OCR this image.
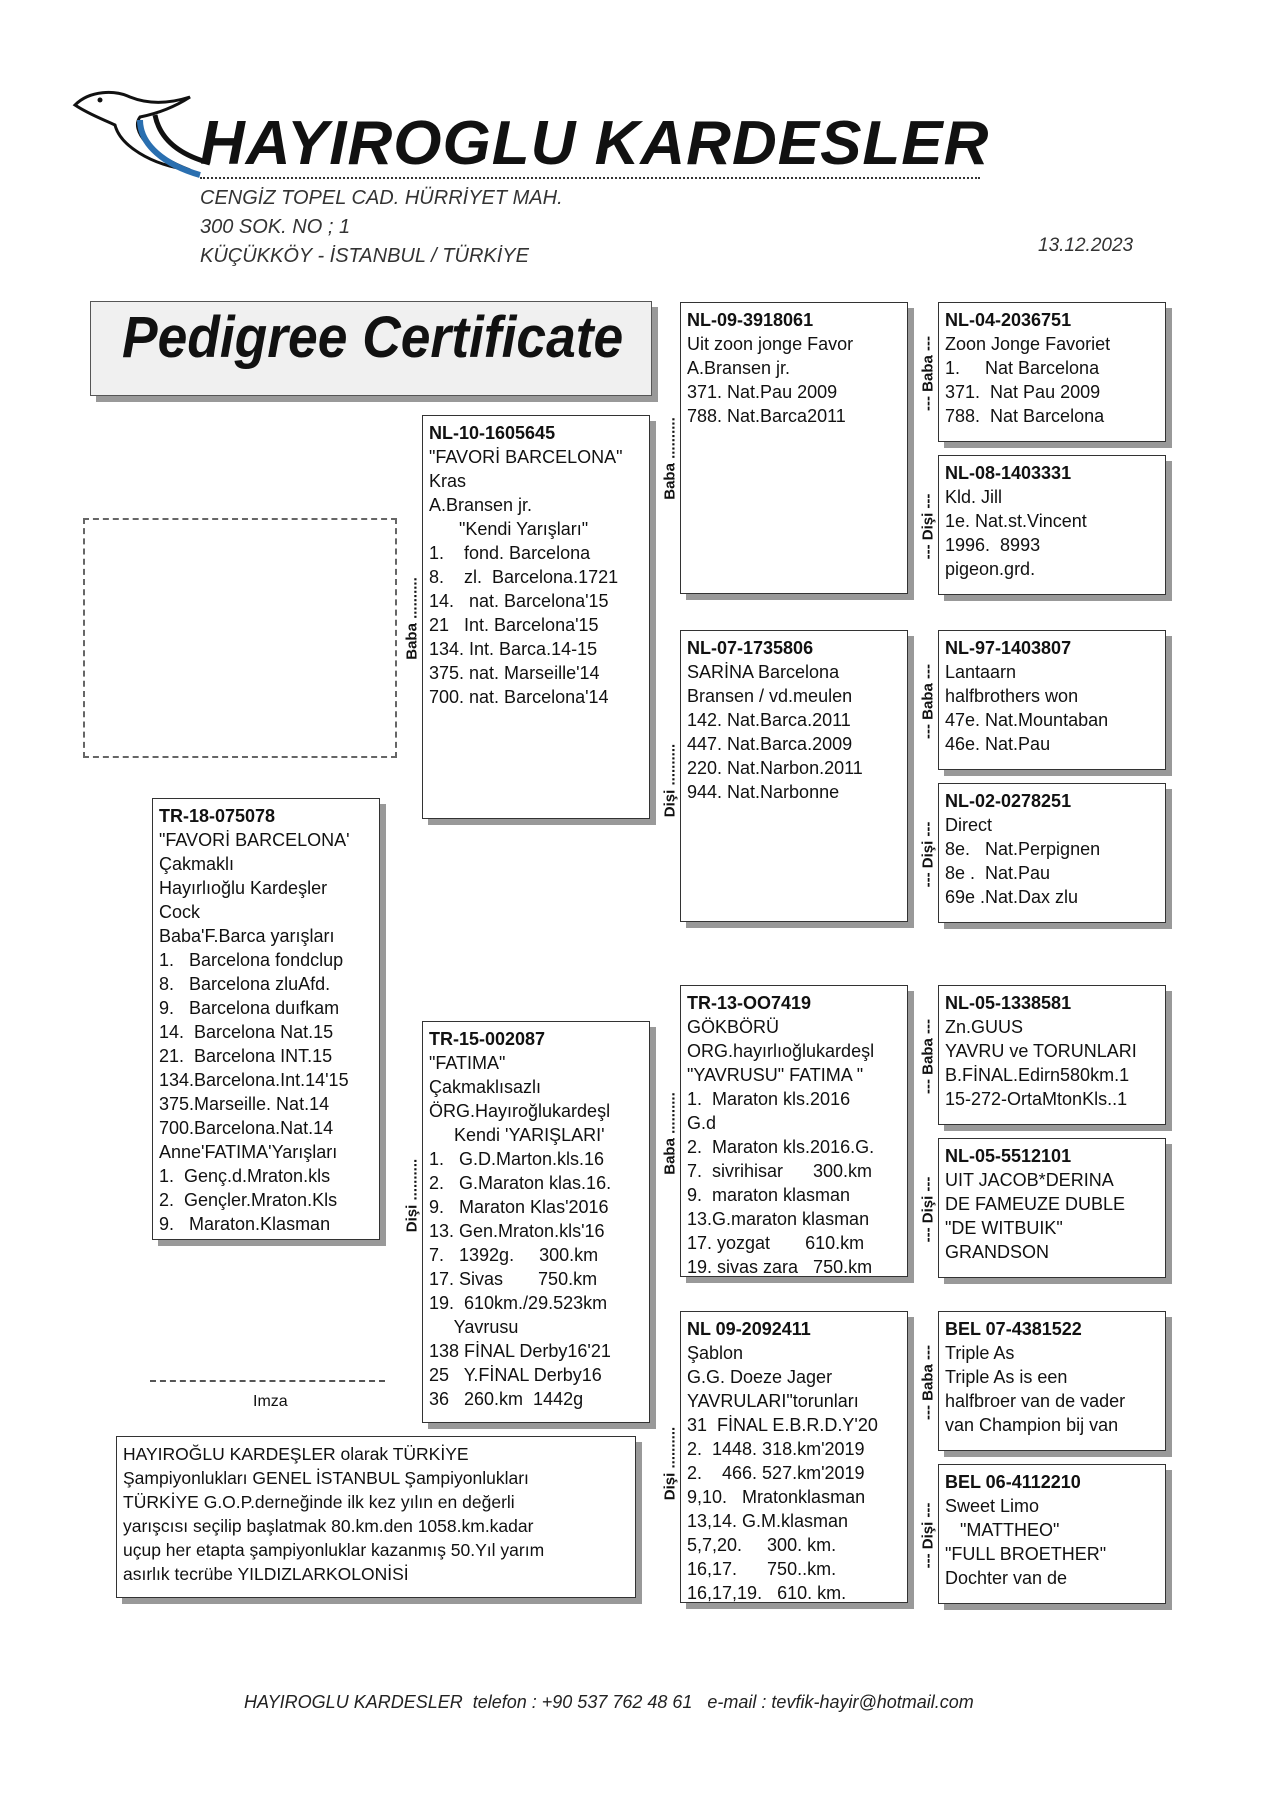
HAYIROGLU KARDESLER
CENGİZ TOPEL CAD. HÜRRİYET MAH.
300 SOK. NO ; 1
KÜÇÜKKÖY - İSTANBUL / TÜRKİYE	13.12.2023
Pedigree Certificate
TR-18-075078
"FAVORİ BARCELONA'
Çakmaklı
Hayırlıoğlu Kardeşler
Cock
Baba'F.Barca yarışları
1.   Barcelona fondclup
8.   Barcelona zluAfd.
9.   Barcelona duıfkam
14.  Barcelona Nat.15
21.  Barcelona INT.15
134.Barcelona.Int.14'15
375.Marseille. Nat.14
700.Barcelona.Nat.14
Anne'FATIMA'Yarışları
1.  Genç.d.Mraton.kls
2.  Gençler.Mraton.Kls
9.   Maraton.Klasman
NL-10-1605645
"FAVORİ BARCELONA"
Kras
A.Bransen jr.
"Kendi Yarışları"
1.    fond. Barcelona
8.    zl.  Barcelona.1721
14.   nat. Barcelona'15
21   Int. Barcelona'15
134. Int. Barca.14-15
375. nat. Marseille'14
700. nat. Barcelona'14
TR-15-002087
"FATIMA"
Çakmaklısazlı
ÖRG.Hayıroğlukardeşl
Kendi 'YARIŞLARI'
1.   G.D.Marton.kls.16
2.   G.Maraton klas.16.
9.   Maraton Klas'2016
13. Gen.Mraton.kls'16
7.   1392g.     300.km
17. Sivas       750.km
19.  610km./29.523km
Yavrusu
138 FİNAL Derby16'21
25   Y.FİNAL Derby16
36   260.km  1442g
NL-09-3918061
Uit zoon jonge Favor
A.Bransen jr.
371. Nat.Pau 2009
788. Nat.Barca2011
NL-07-1735806
SARİNA Barcelona
Bransen / vd.meulen
142. Nat.Barca.2011
447. Nat.Barca.2009
220. Nat.Narbon.2011
944. Nat.Narbonne
TR-13-OO7419
GÖKBÖRÜ
ORG.hayırlıoğlukardeşl
"YAVRUSU" FATIMA "
1.  Maraton kls.2016
G.d
2.  Maraton kls.2016.G.
7.  sivrihisar      300.km
9.  maraton klasman
13.G.maraton klasman
17. yozgat       610.km
19. sivas zara   750.km
NL 09-2092411
Şablon
G.G. Doeze Jager
YAVRULARI"torunları
31  FİNAL E.B.R.D.Y'20
2.  1448. 318.km'2019
2.    466. 527.km'2019
9,10.   Mratonklasman
13,14. G.M.klasman
5,7,20.     300. km.
16,17.      750..km.
16,17,19.   610. km.
NL-04-2036751
Zoon Jonge Favoriet
1.     Nat Barcelona
371.  Nat Pau 2009
788.  Nat Barcelona
NL-08-1403331
Kld. Jill
1e. Nat.st.Vincent
1996.  8993
pigeon.grd.
NL-97-1403807
Lantaarn
halfbrothers won
47e. Nat.Mountaban
46e. Nat.Pau
NL-02-0278251
Direct
8e.   Nat.Perpignen
8e .  Nat.Pau
69e .Nat.Dax zlu
NL-05-1338581
Zn.GUUS
YAVRU ve TORUNLARI
B.FİNAL.Edirn580km.1
15-272-OrtaMtonKls..1
NL-05-5512101
UIT JACOB*DERINA
DE FAMEUZE DUBLE
"DE WITBUIK"
GRANDSON
BEL 07-4381522
Triple As
Triple As is een
halfbroer van de vader
van Champion bij van
BEL 06-4112210
Sweet Limo
"MATTHEO"
"FULL BROETHER"
Dochter van de
Baba ..........
Dişi ..........
Baba ..........
Dişi ..........
Baba ..........
Dişi ..........
--- Baba ---
--- Dişi ---
--- Baba ---
--- Dişi ---
--- Baba ---
--- Dişi ---
--- Baba ---
--- Dişi ---
Imza
HAYIROĞLU KARDEŞLER olarak TÜRKİYE
Şampiyonlukları GENEL İSTANBUL Şampiyonlukları
TÜRKİYE G.O.P.derneğinde ilk kez yılın en değerli
yarışcısı seçilip başlatmak 80.km.den 1058.km.kadar
uçup her etapta şampiyonluklar kazanmış 50.Yıl yarım
asırlık tecrübe YILDIZLARKOLONİSİ
HAYIROGLU KARDESLER  telefon : +90 537 762 48 61   e-mail : tevfik-hayir@hotmail.com
